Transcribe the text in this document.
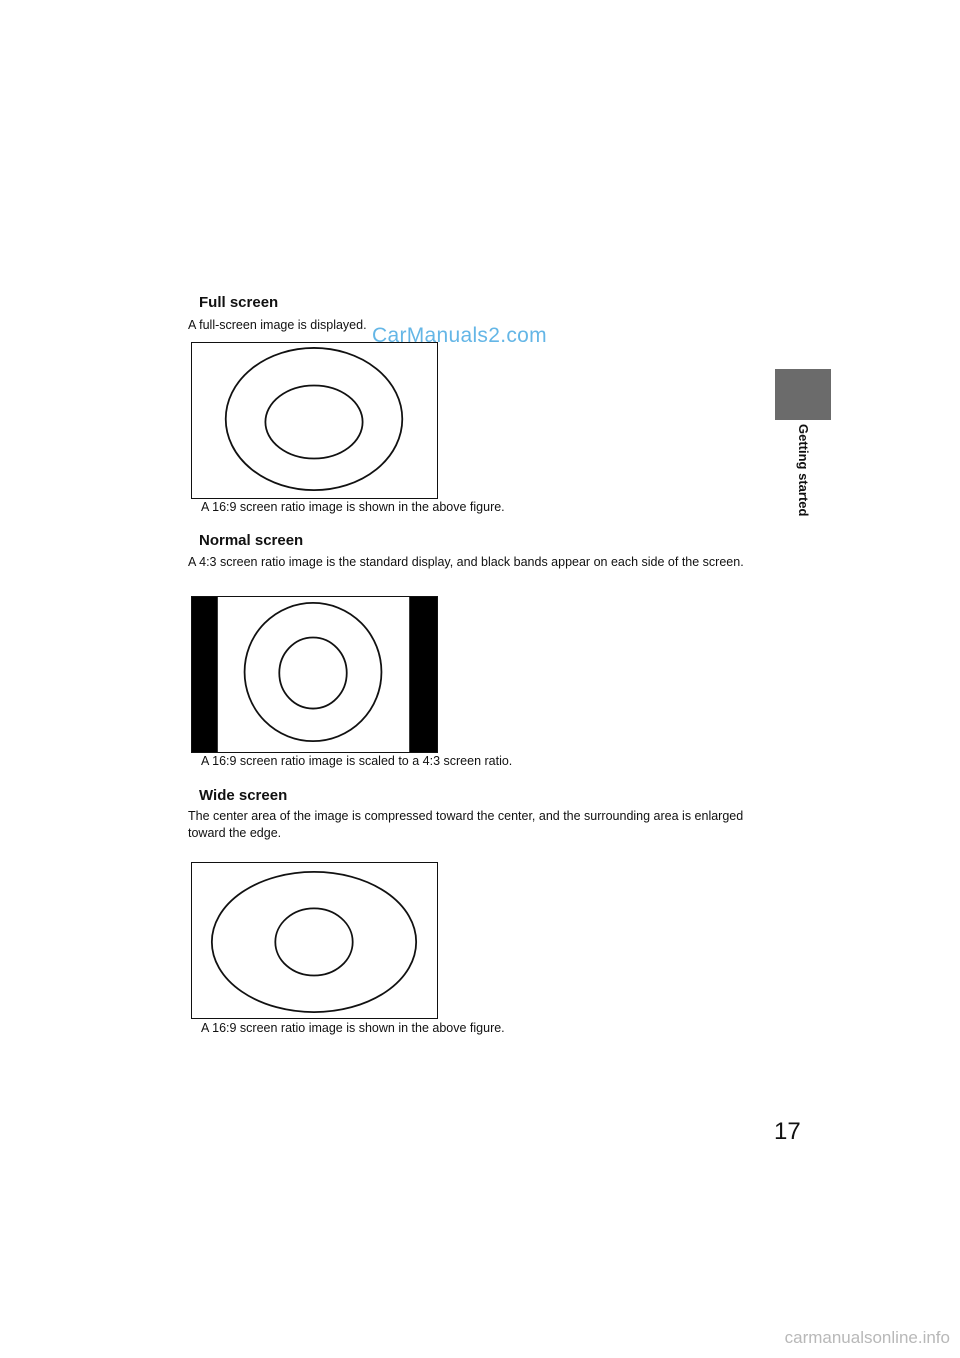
Full screen

A full-screen image is displayed.

A 16:9 screen ratio image is shown in the above figure.

Normal screen

A 4:3 screen ratio image is the standard display, and black bands appear on each side of the screen.

A 16:9 screen ratio image is scaled to a 4:3 screen ratio.

Wide screen

The center area of the image is compressed toward the center, and the surrounding area is enlarged toward the edge.

A 16:9 screen ratio image is shown in the above figure.

CarManuals2.com
Getting started

17

carmanualsonline.info
